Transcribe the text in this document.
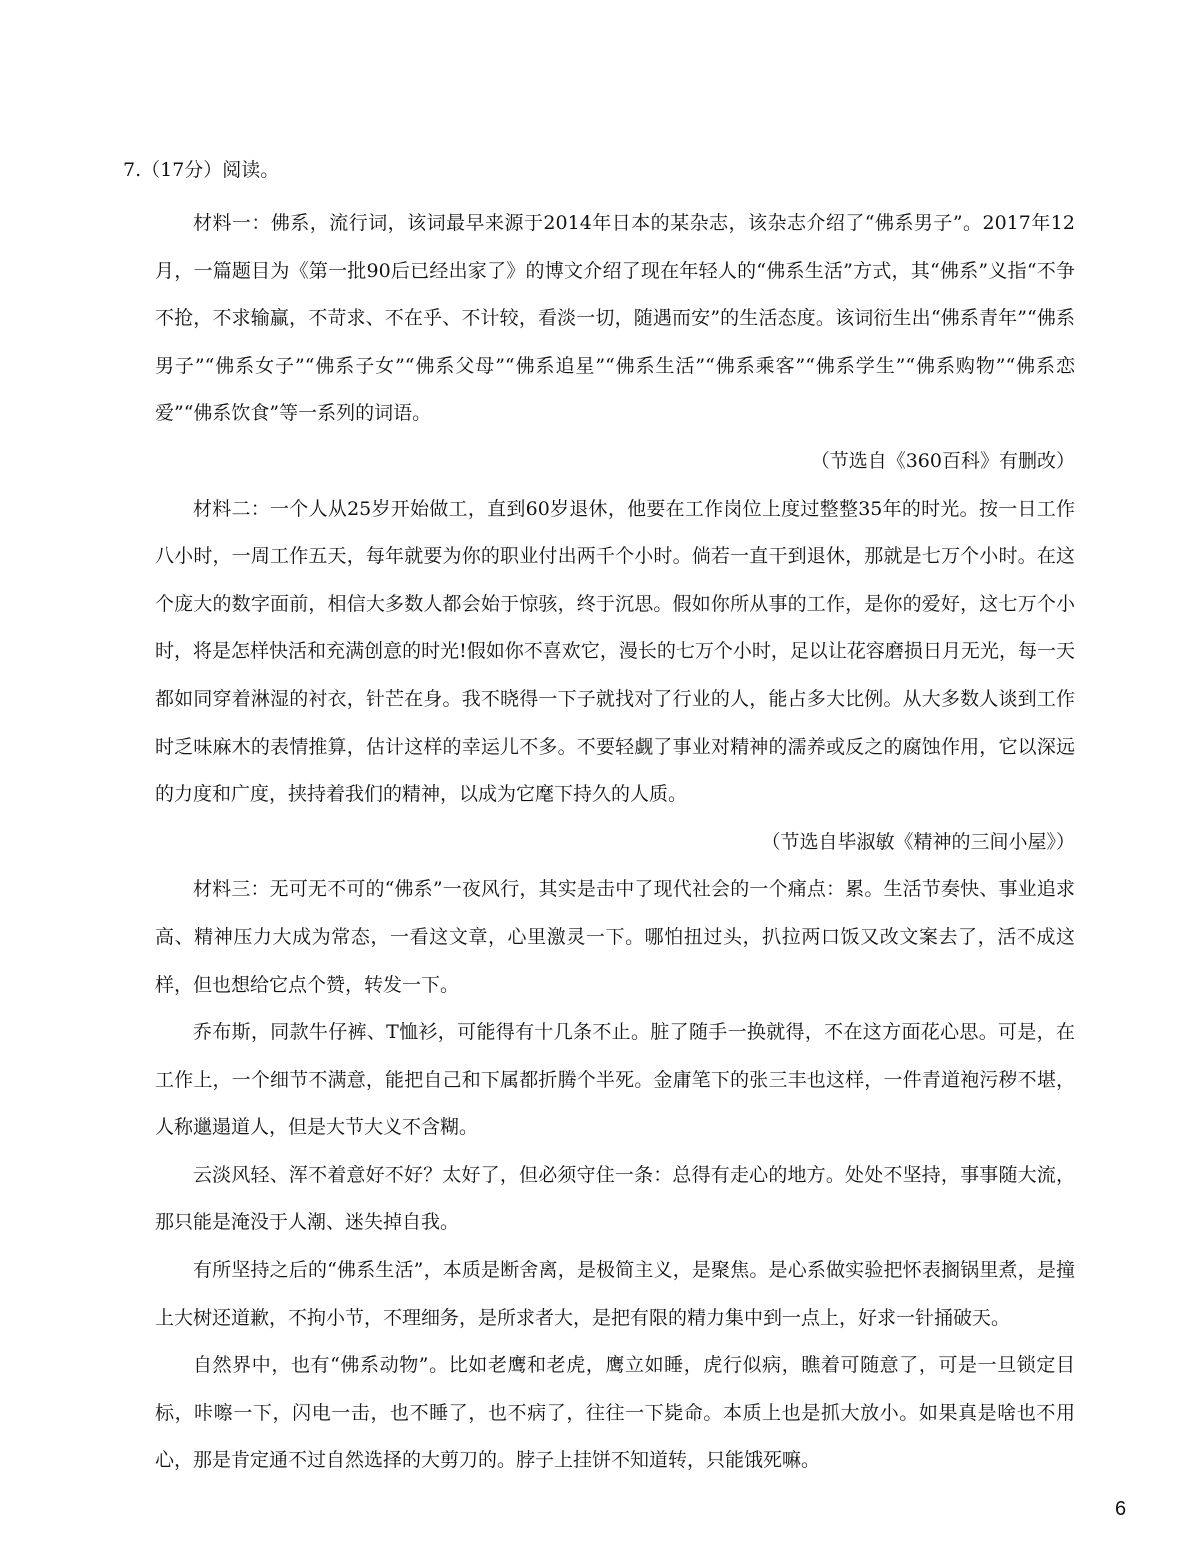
7.（17分）阅读。

材料一：佛系，流行词，该词最早来源于2014年日本的某杂志，该杂志介绍了“佛系男子”。2017年12月，一篇题目为《第一批90后已经出家了》的博文介绍了现在年轻人的“佛系生活”方式，其“佛系”义指“不争不抢，不求输赢，不苛求、不在乎、不计较，看淡一切，随遇而安”的生活态度。该词衍生出“佛系青年”“佛系男子”“佛系女子”“佛系子女”“佛系父母”“佛系追星”“佛系生活”“佛系乘客”“佛系学生”“佛系购物”“佛系恋爱”“佛系饮食”等一系列的词语。

（节选自《360百科》有删改）

材料二：一个人从25岁开始做工，直到60岁退休，他要在工作岗位上度过整整35年的时光。按一日工作八小时，一周工作五天，每年就要为你的职业付出两千个小时。倘若一直干到退休，那就是七万个小时。在这个庞大的数字面前，相信大多数人都会始于惊骇，终于沉思。假如你所从事的工作，是你的爱好，这七万个小时，将是怎样快活和充满创意的时光!假如你不喜欢它，漫长的七万个小时，足以让花容磨损日月无光，每一天都如同穿着淋湿的衬衣，针芒在身。我不晓得一下子就找对了行业的人，能占多大比例。从大多数人谈到工作时乏味麻木的表情推算，估计这样的幸运儿不多。不要轻觑了事业对精神的濡养或反之的腐蚀作用，它以深远的力度和广度，挟持着我们的精神，以成为它麾下持久的人质。

（节选自毕淑敏《精神的三间小屋》）

材料三：无可无不可的“佛系”一夜风行，其实是击中了现代社会的一个痛点：累。生活节奏快、事业追求高、精神压力大成为常态，一看这文章，心里激灵一下。哪怕扭过头，扒拉两口饭又改文案去了，活不成这样，但也想给它点个赞，转发一下。

乔布斯，同款牛仔裤、T恤衫，可能得有十几条不止。脏了随手一换就得，不在这方面花心思。可是，在工作上，一个细节不满意，能把自己和下属都折腾个半死。金庸笔下的张三丰也这样，一件青道袍污秽不堪，人称邋遢道人，但是大节大义不含糊。

云淡风轻、浑不着意好不好？太好了，但必须守住一条：总得有走心的地方。处处不坚持，事事随大流，那只能是淹没于人潮、迷失掉自我。

有所坚持之后的“佛系生活”，本质是断舍离，是极简主义，是聚焦。是心系做实验把怀表搁锅里煮，是撞上大树还道歉，不拘小节，不理细务，是所求者大，是把有限的精力集中到一点上，好求一针捅破天。

自然界中，也有“佛系动物”。比如老鹰和老虎，鹰立如睡，虎行似病，瞧着可随意了，可是一旦锁定目标，咔嚓一下，闪电一击，也不睡了，也不病了，往往一下毙命。本质上也是抓大放小。如果真是啥也不用心，那是肯定通不过自然选择的大剪刀的。脖子上挂饼不知道转，只能饿死嘛。

6
